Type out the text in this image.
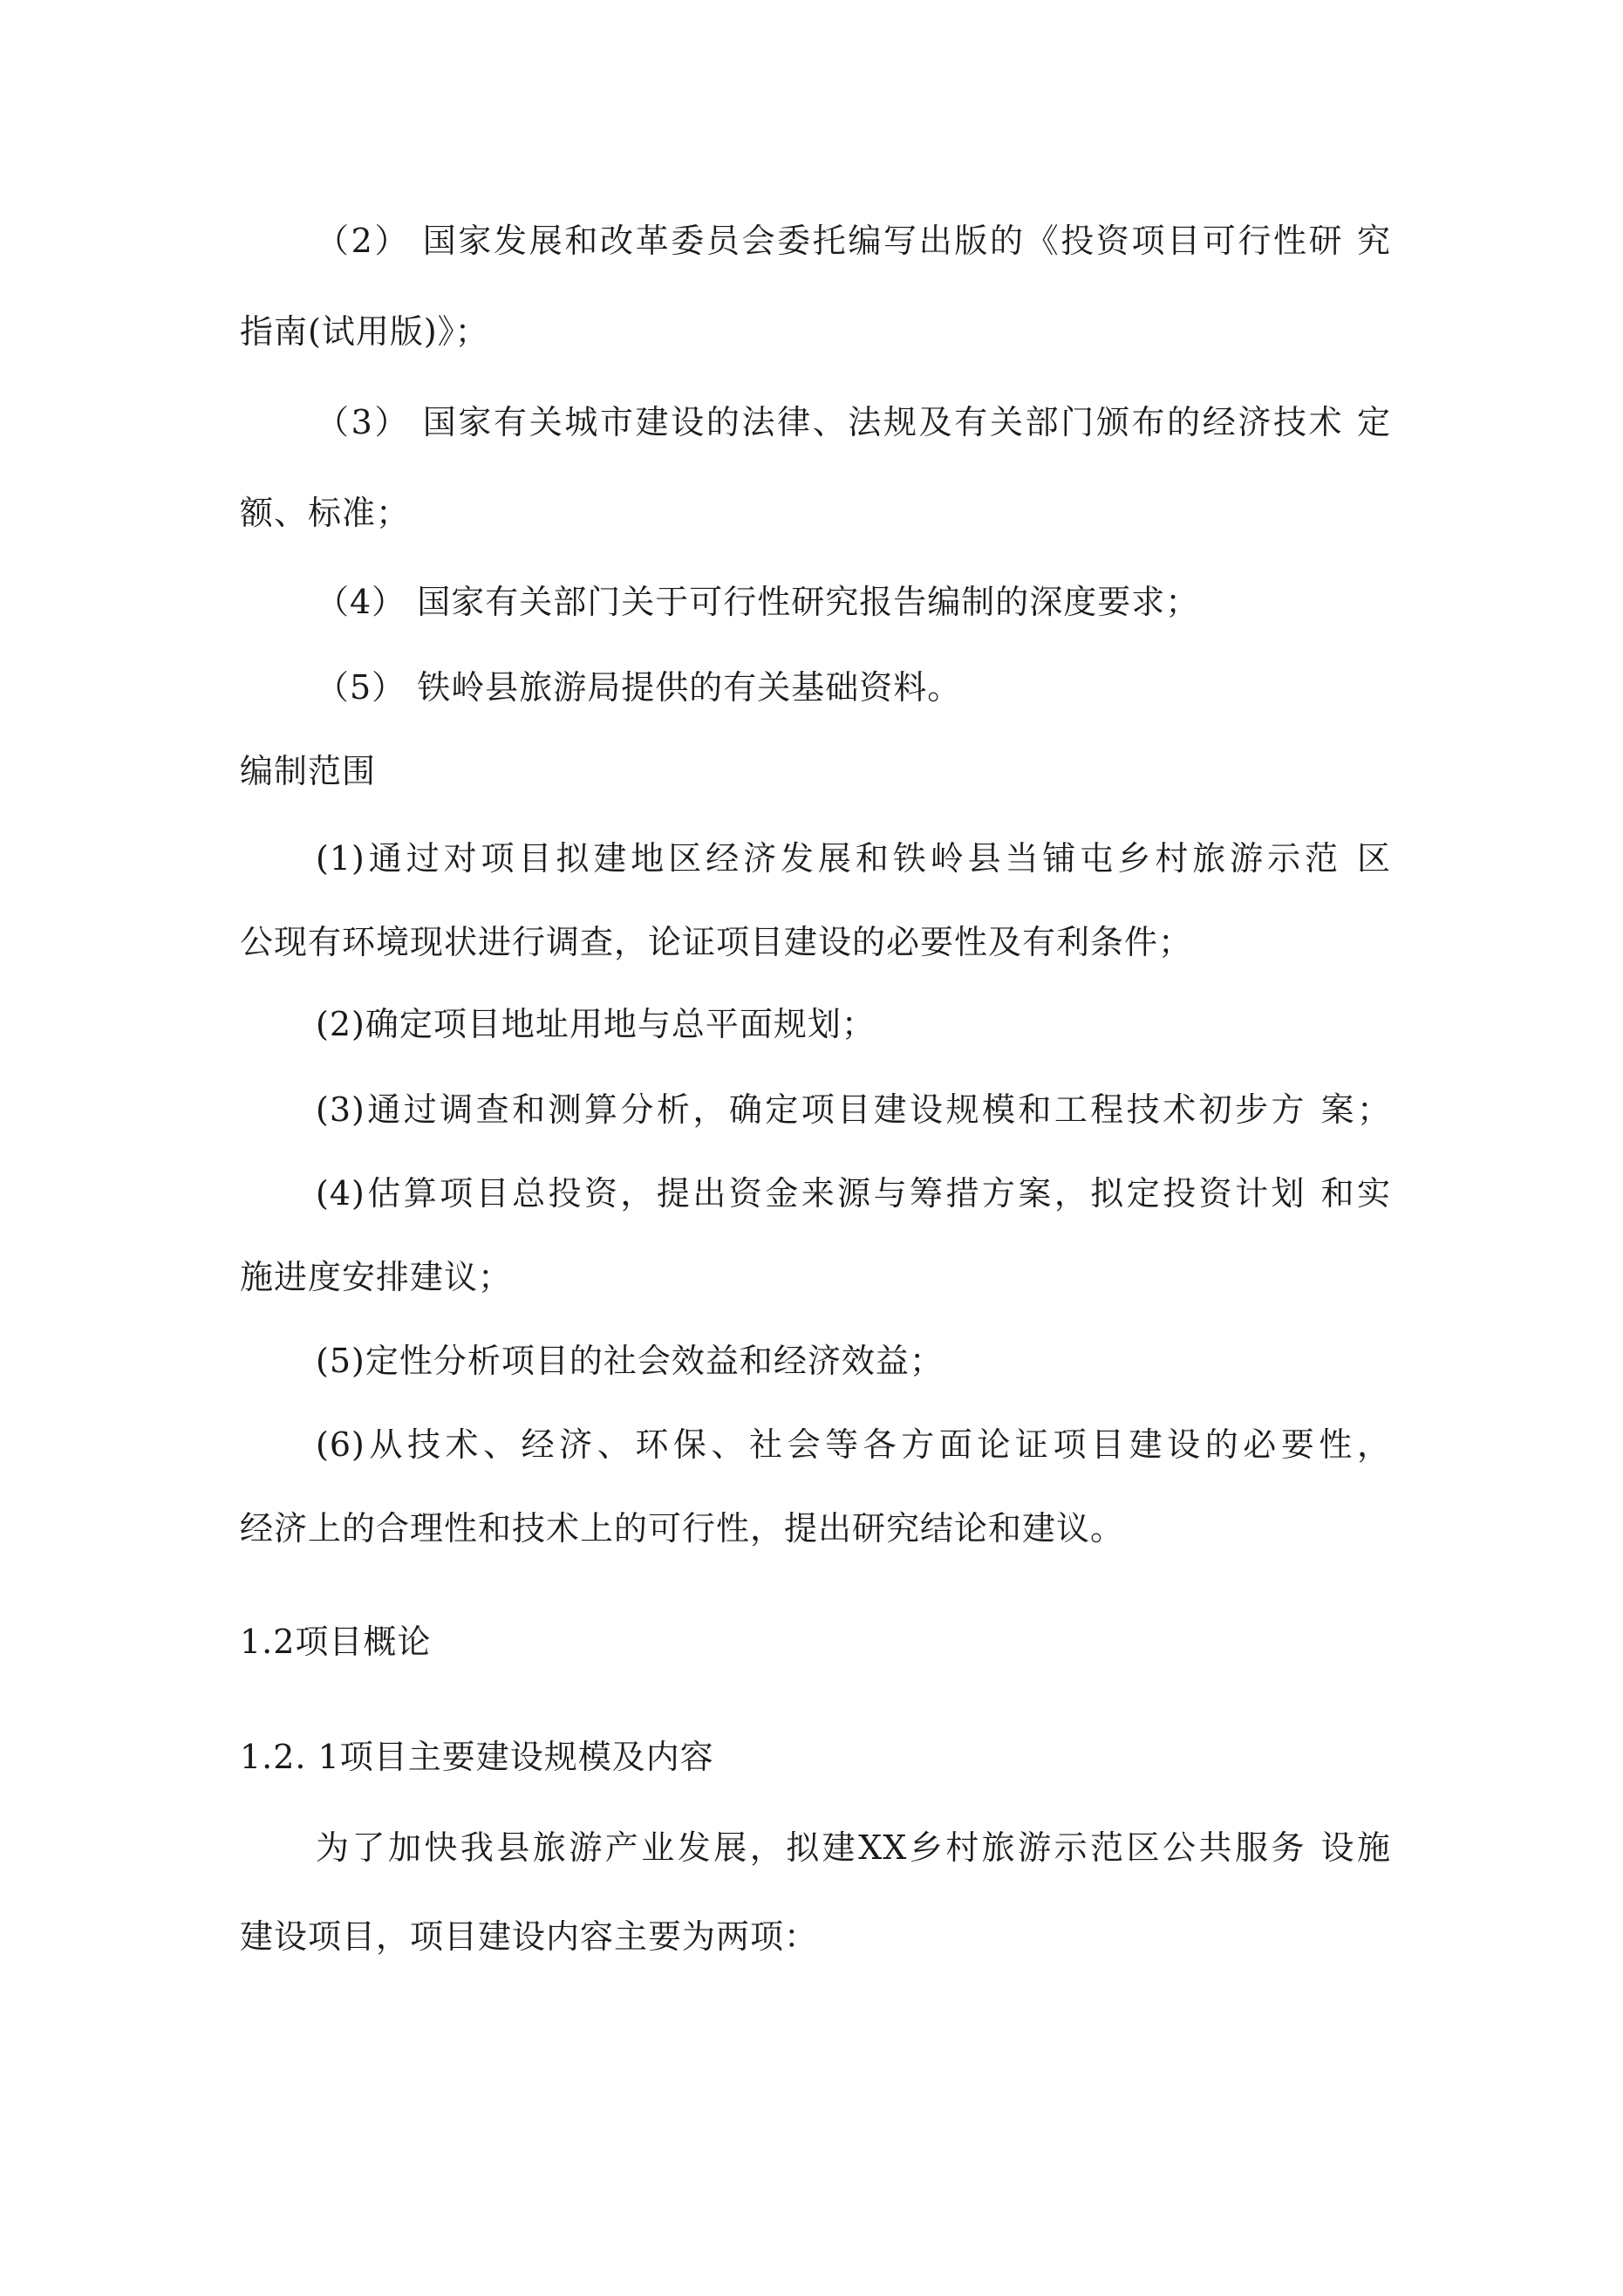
（2） 国家发展和改革委员会委托编写出版的《投资项目可行性研 究
指南(试用版)》；
（3） 国家有关城市建设的法律、法规及有关部门颁布的经济技术 定
额、标准；
（4） 国家有关部门关于可行性研究报告编制的深度要求；
（5） 铁岭县旅游局提供的有关基础资料。
编制范围
(1)通过对项目拟建地区经济发展和铁岭县当铺屯乡村旅游示范 区
公现有环境现状进行调查，论证项目建设的必要性及有利条件；
(2)确定项目地址用地与总平面规划；
(3)通过调查和测算分析，确定项目建设规模和工程技术初步方 案；
(4)估算项目总投资，提出资金来源与筹措方案，拟定投资计划 和实
施进度安排建议；
(5)定性分析项目的社会效益和经济效益；
(6)从技术、经济、环保、社会等各方面论证项目建设的必要性，
经济上的合理性和技术上的可行性，提出研究结论和建议。
1.2项目概论
1.2. 1项目主要建设规模及内容
为了加快我县旅游产业发展，拟建XX乡村旅游示范区公共服务 设施
建设项目，项目建设内容主要为两项：
